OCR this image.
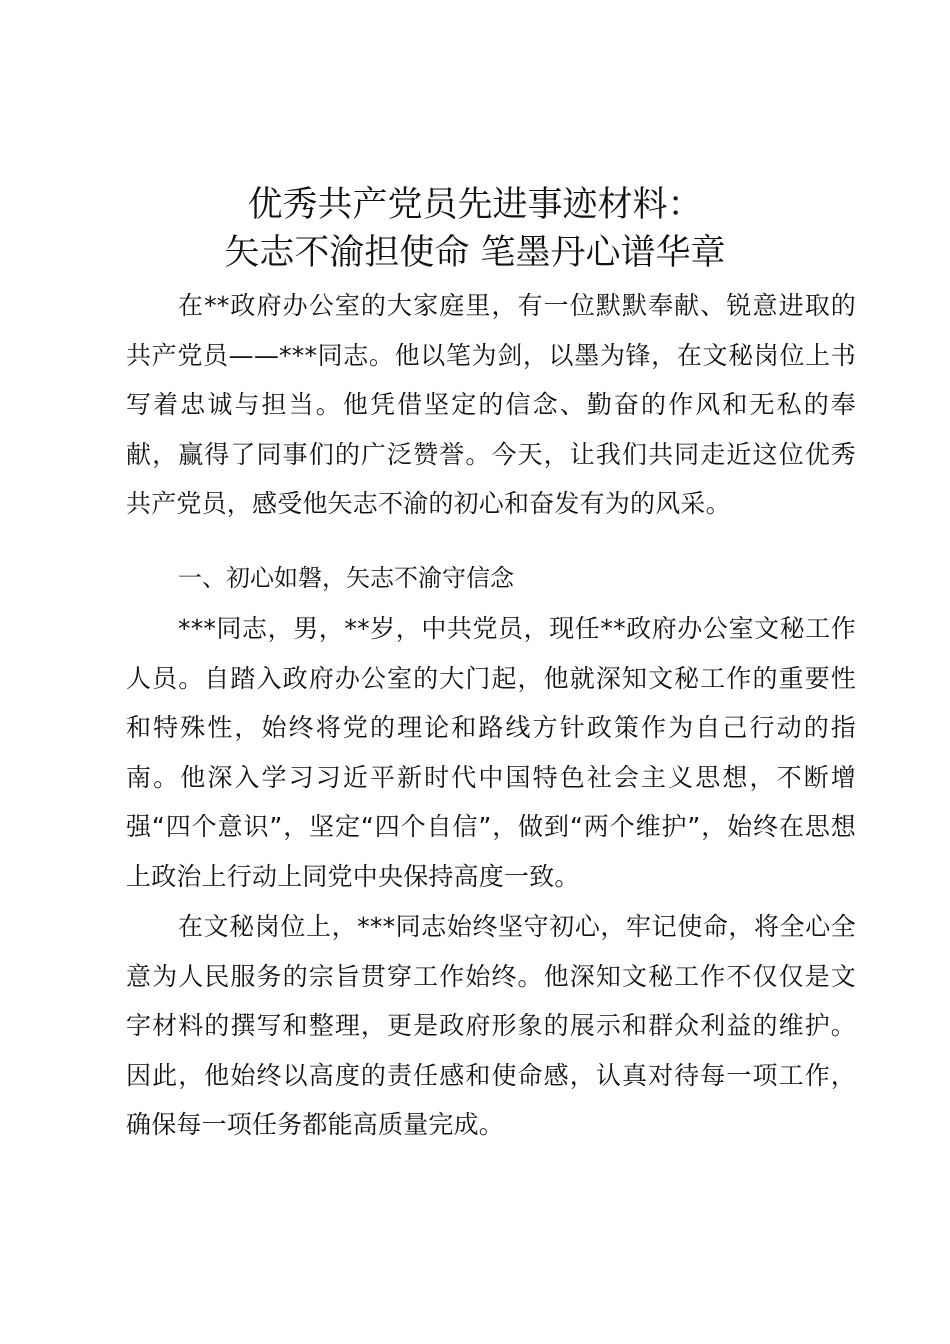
优秀共产党员先进事迹材料：
矢志不渝担使命 笔墨丹心谱华章

在**政府办公室的大家庭里，有一位默默奉献、锐意进取的共产党员——***同志。他以笔为剑，以墨为锋，在文秘岗位上书写着忠诚与担当。他凭借坚定的信念、勤奋的作风和无私的奉献，赢得了同事们的广泛赞誉。今天，让我们共同走近这位优秀共产党员，感受他矢志不渝的初心和奋发有为的风采。

一、初心如磐，矢志不渝守信念

***同志，男，**岁，中共党员，现任**政府办公室文秘工作人员。自踏入政府办公室的大门起，他就深知文秘工作的重要性和特殊性，始终将党的理论和路线方针政策作为自己行动的指南。他深入学习习近平新时代中国特色社会主义思想，不断增强“四个意识”，坚定“四个自信”，做到“两个维护”，始终在思想上政治上行动上同党中央保持高度一致。

在文秘岗位上，***同志始终坚守初心，牢记使命，将全心全意为人民服务的宗旨贯穿工作始终。他深知文秘工作不仅仅是文字材料的撰写和整理，更是政府形象的展示和群众利益的维护。因此，他始终以高度的责任感和使命感，认真对待每一项工作，确保每一项任务都能高质量完成。
